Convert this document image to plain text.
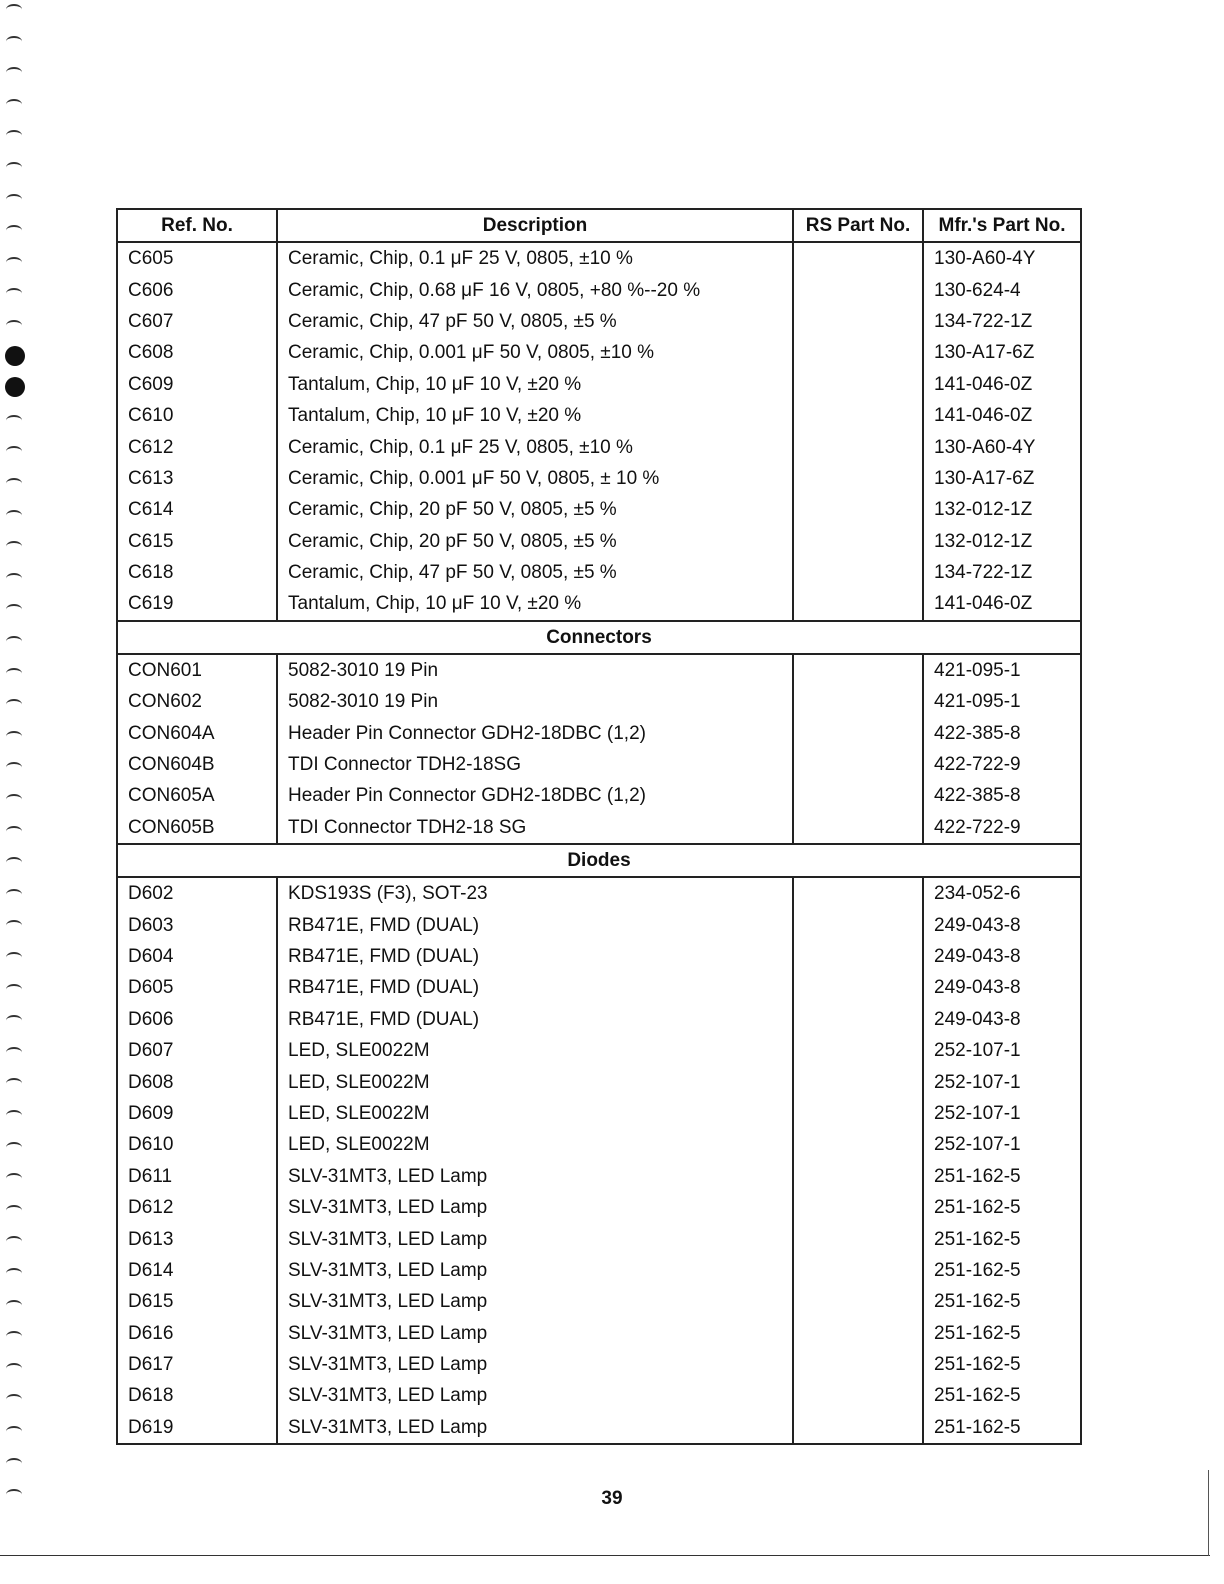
Ref. No.	Description	RS Part No.	Mfr.'s Part No.
C605	Ceramic, Chip, 0.1 μF 25 V, 0805, ±10 %		130-A60-4Y
C606	Ceramic, Chip, 0.68 μF 16 V, 0805, +80 %--20 %		130-624-4
C607	Ceramic, Chip, 47 pF 50 V, 0805, ±5 %		134-722-1Z
C608	Ceramic, Chip, 0.001 μF 50 V, 0805, ±10 %		130-A17-6Z
C609	Tantalum, Chip, 10 μF 10 V, ±20 %		141-046-0Z
C610	Tantalum, Chip, 10 μF 10 V, ±20 %		141-046-0Z
C612	Ceramic, Chip, 0.1 μF 25 V, 0805, ±10 %		130-A60-4Y
C613	Ceramic, Chip, 0.001 μF 50 V, 0805, ± 10 %		130-A17-6Z
C614	Ceramic, Chip, 20 pF 50 V, 0805, ±5 %		132-012-1Z
C615	Ceramic, Chip, 20 pF 50 V, 0805, ±5 %		132-012-1Z
C618	Ceramic, Chip, 47 pF 50 V, 0805, ±5 %		134-722-1Z
C619	Tantalum, Chip, 10 μF 10 V, ±20 %		141-046-0Z
Connectors			
CON601	5082-3010 19 Pin		421-095-1
CON602	5082-3010 19 Pin		421-095-1
CON604A	Header Pin Connector GDH2-18DBC (1,2)		422-385-8
CON604B	TDI Connector TDH2-18SG		422-722-9
CON605A	Header Pin Connector GDH2-18DBC (1,2)		422-385-8
CON605B	TDI Connector TDH2-18 SG		422-722-9
Diodes			
D602	KDS193S (F3), SOT-23		234-052-6
D603	RB471E, FMD (DUAL)		249-043-8
D604	RB471E, FMD (DUAL)		249-043-8
D605	RB471E, FMD (DUAL)		249-043-8
D606	RB471E, FMD (DUAL)		249-043-8
D607	LED, SLE0022M		252-107-1
D608	LED, SLE0022M		252-107-1
D609	LED, SLE0022M		252-107-1
D610	LED, SLE0022M		252-107-1
D611	SLV-31MT3, LED Lamp		251-162-5
D612	SLV-31MT3, LED Lamp		251-162-5
D613	SLV-31MT3, LED Lamp		251-162-5
D614	SLV-31MT3, LED Lamp		251-162-5
D615	SLV-31MT3, LED Lamp		251-162-5
D616	SLV-31MT3, LED Lamp		251-162-5
D617	SLV-31MT3, LED Lamp		251-162-5
D618	SLV-31MT3, LED Lamp		251-162-5
D619	SLV-31MT3, LED Lamp		251-162-5
39
